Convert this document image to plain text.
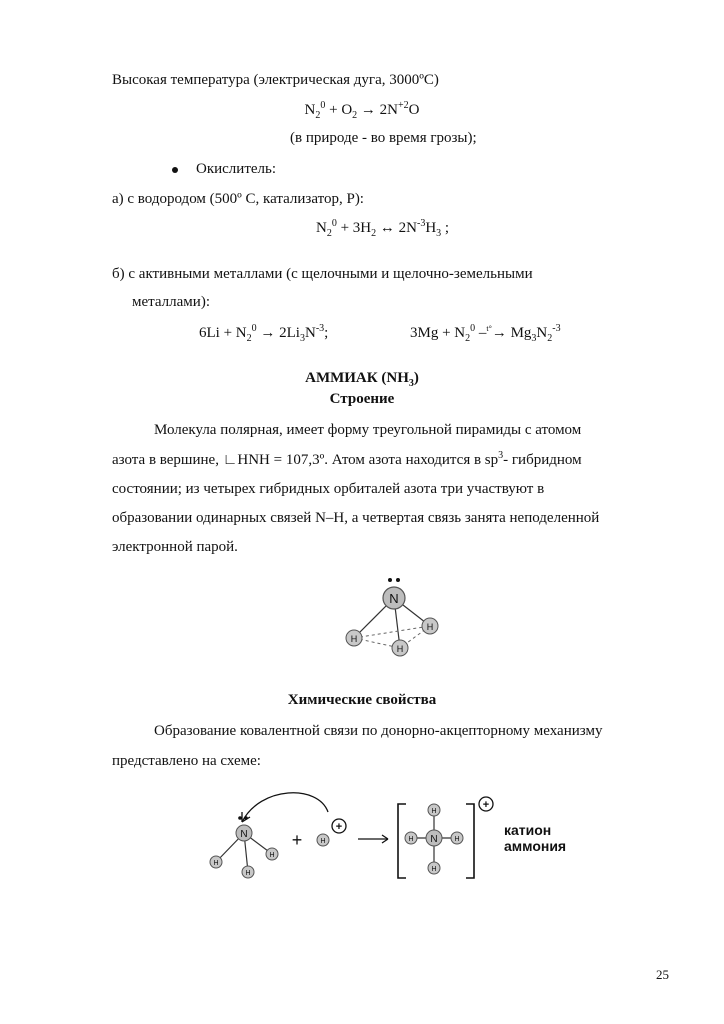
Высокая температура (электрическая дуга, 3000ºC)
$N_2^0 + O_2 \to 2N^{+2}O$
(в природе - во время грозы);
Окислитель:
а) с водородом (500º С, катализатор, Р):
$N_2^0 + 3H_2$ ↔ $2N^{-3}H_3$ ;
б) с активными металлами (с щелочными и щелочно-земельными
металлами):
$6Li + N_2^0 \to 2Li_3N^{-3}$;	$3Mg + N_2^0$ $-^{t^\circ}\to Mg_3N_2^{-3}$
АММИАК $(NH_3)$
Строение
Молекула полярная, имеет форму треугольной пирамиды с атомом
азота в вершине, ∟HNH = 107,3º. Атом азота находится в $sp^3-$ гибридном
состоянии; из четырех гибридных орбиталей азота три участвуют в
образовании одинарных связей N–H, а четвертая связь занята неподеленной
электронной парой.
N
H
H
H
Химические свойства
Образование ковалентной связи по донорно-акцепторному механизму
представлено на схеме:
N
H
H
H
+	H
+
N
H
H
H	H
+
катион
аммония
25
